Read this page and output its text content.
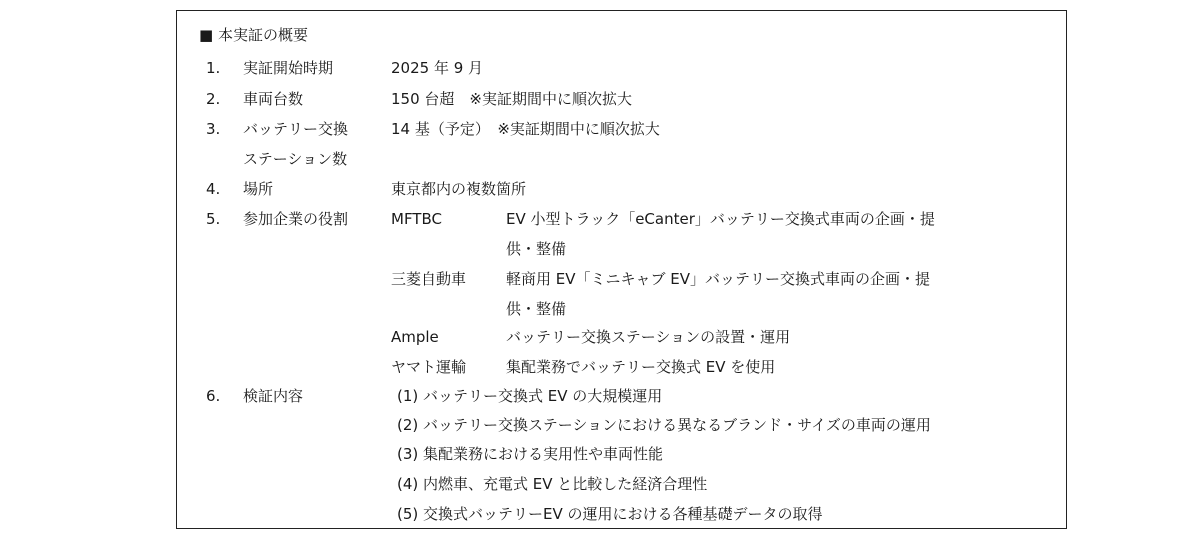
■ 本実証の概要
1. 実証開始時期	2025 年 9 月
2. 車両台数	150 台超　※実証期間中に順次拡大
3. バッテリー交換	14 基（予定）　※実証期間中に順次拡大
ステーション数
4. 場所	東京都内の複数箇所
5. 参加企業の役割	MFTBC	EV 小型トラック「eCanter」バッテリー交換式車両の企画・提
供・整備
三菱自動車	軽商用 EV「ミニキャブ EV」バッテリー交換式車両の企画・提
供・整備
Ample	バッテリー交換ステーションの設置・運用
ヤマト運輸	集配業務でバッテリー交換式 EV を使用
6. 検証内容	(1) バッテリー交換式 EV の大規模運用
(2) バッテリー交換ステーションにおける異なるブランド・サイズの車両の運用
(3) 集配業務における実用性や車両性能
(4) 内燃車、充電式 EV と比較した経済合理性
(5) 交換式バッテリーEV の運用における各種基礎データの取得
